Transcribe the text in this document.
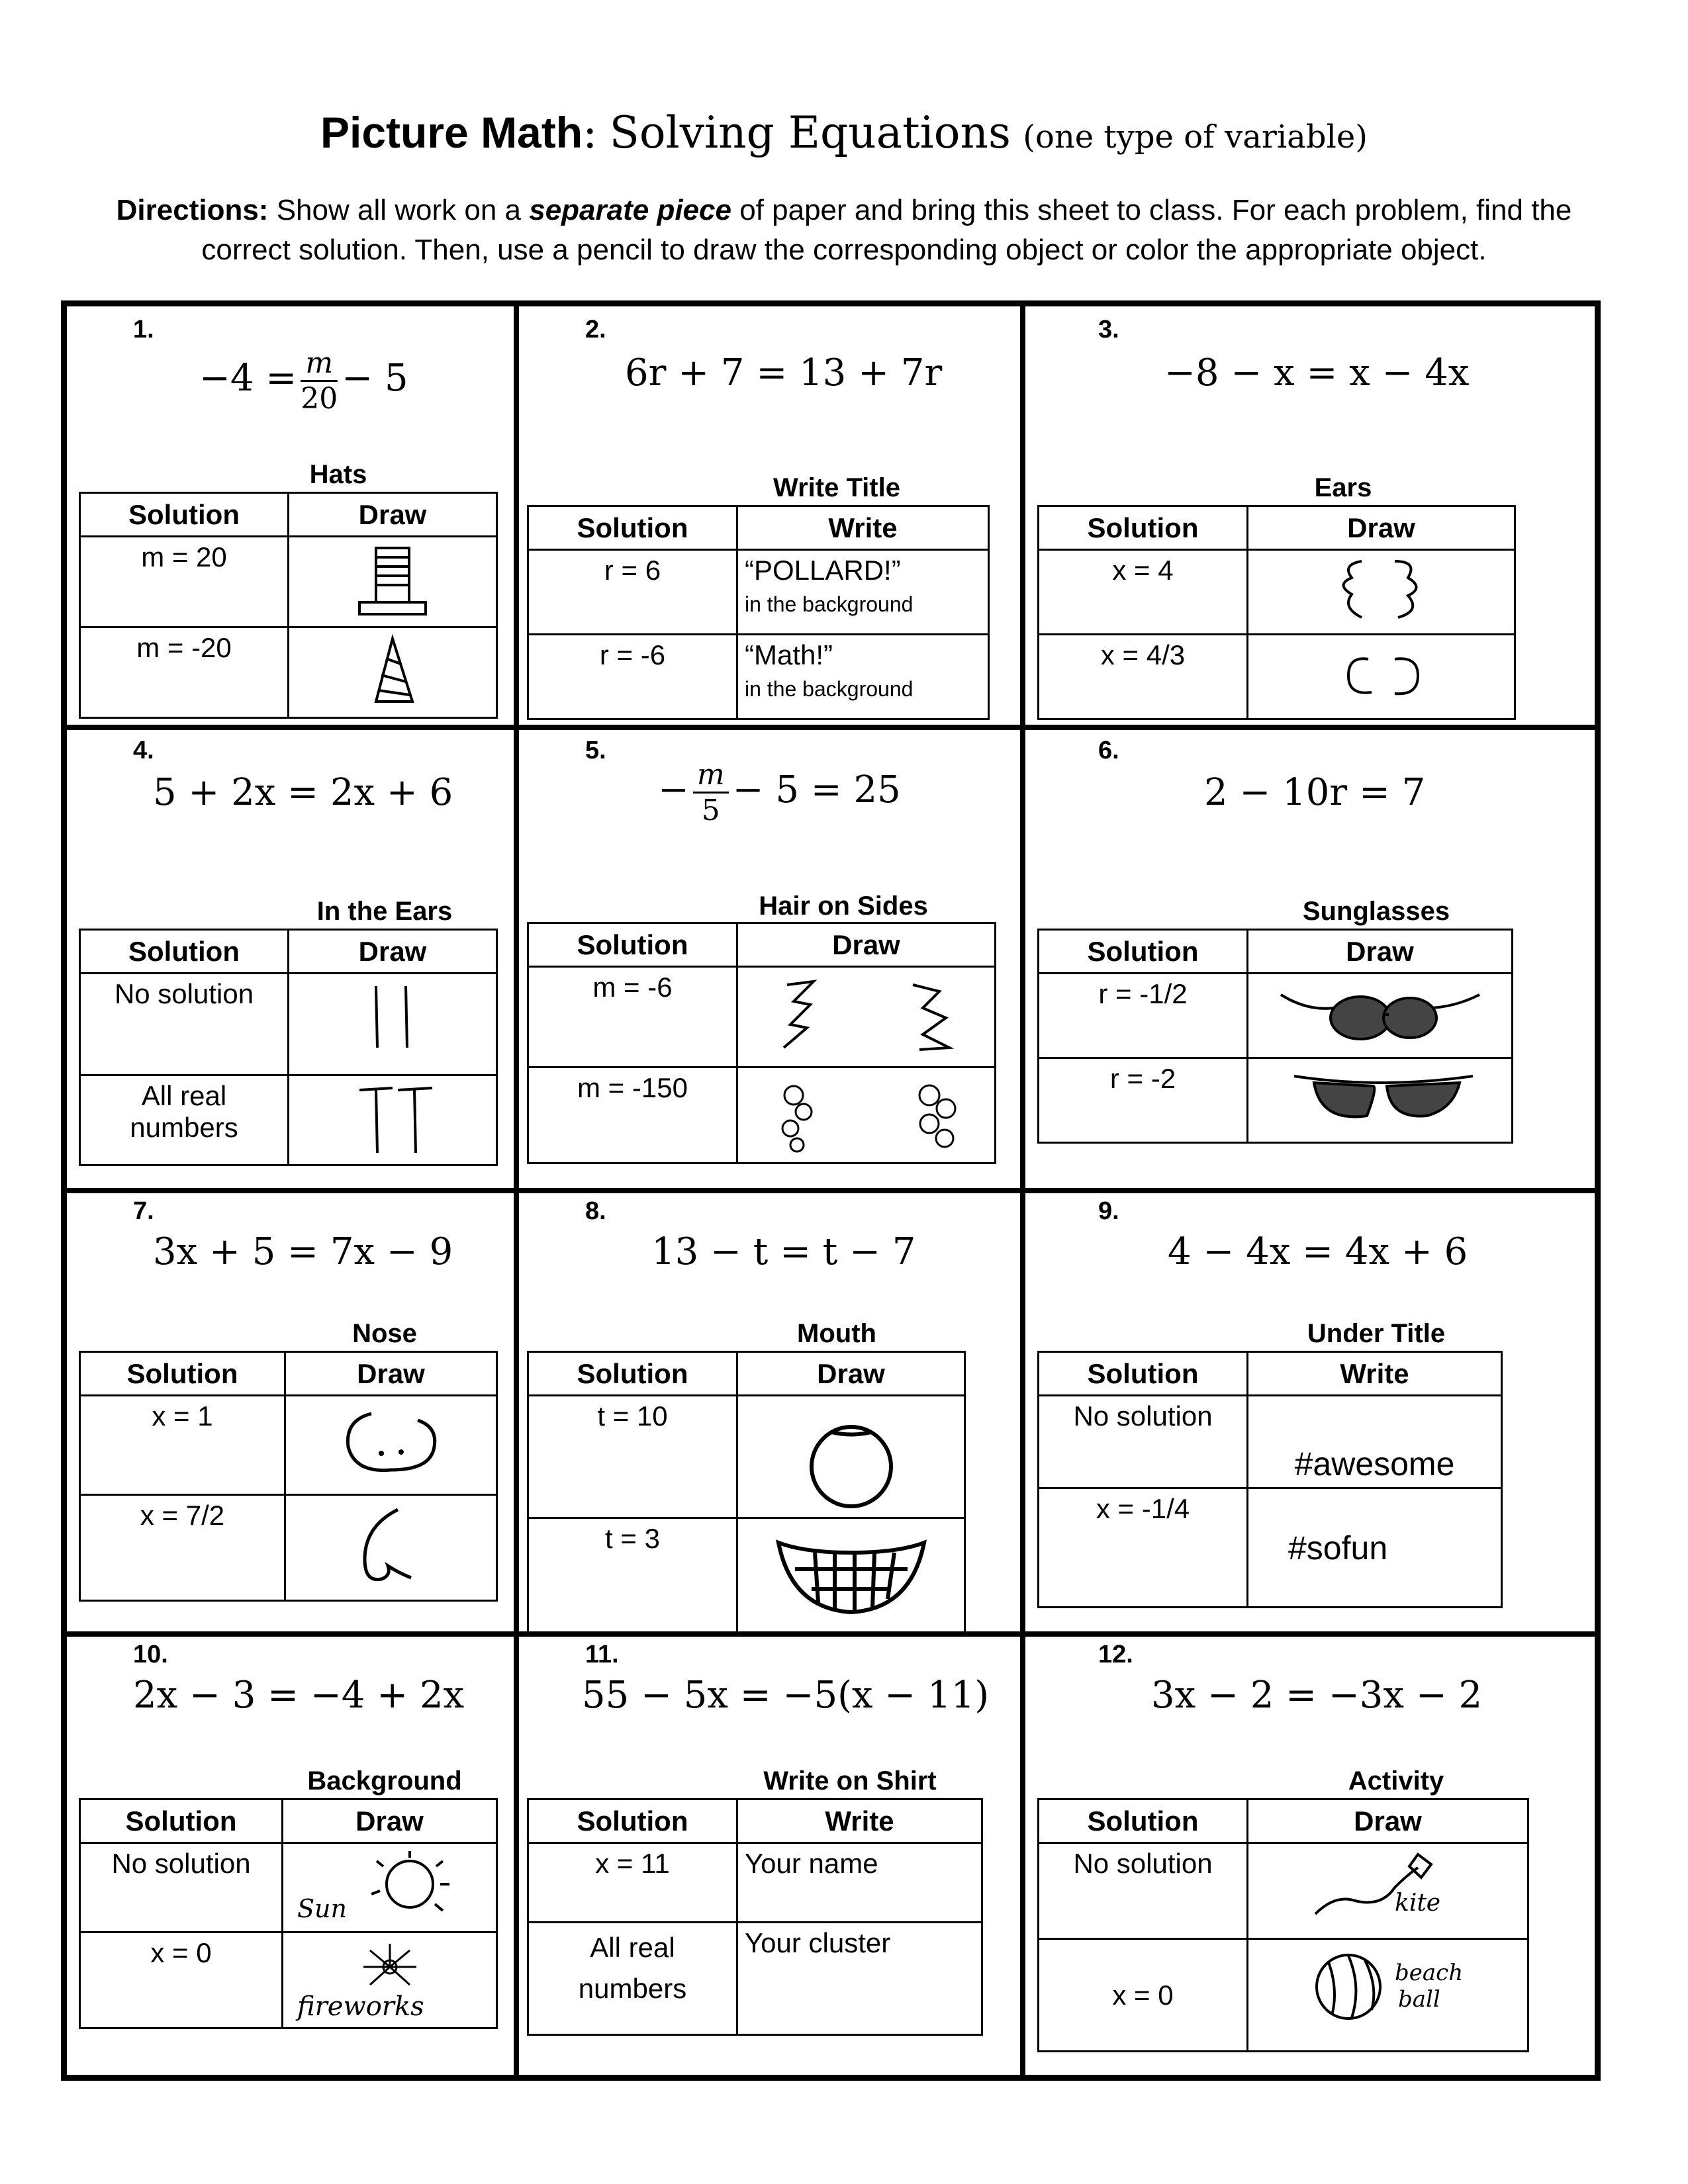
Picture Math: Solving Equations (one type of variable)
Directions: Show all work on a separate piece of paper and bring this sheet to class. For each problem, find the correct solution. Then, use a pencil to draw the corresponding object or color the appropriate object.
1.
$-4 = \frac{m}{20} - 5$
Hats
Solution	Draw
m = 20	

m = -20	
2.
6r + 7 = 13 + 7r
Write Title
Solution	Write
r = 6	“POLLARD!”
in the background
r = -6	“Math!”
in the background
3.
−8 − x = x − 4x
Ears
Solution	Draw
x = 4	

x = 4/3	
4.
5 + 2x = 2x + 6
In the Ears
Solution	Draw
No solution	

All real numbers	
5.
− $\frac{m}{5} - 5 = 25$
Hair on Sides
Solution	Draw
m = -6	

m = -150	
6.
2 − 10r = 7
Sunglasses
Solution	Draw
r = -1/2	

r = -2	
7.
3x + 5 = 7x − 9
Nose
Solution	Draw
x = 1	

x = 7/2	
8.
13 − t = t − 7
Mouth
Solution	Draw
t = 10	

t = 3	
9.
4 − 4x = 4x + 6
Under Title
Solution	Write
No solution	#awesome
x = -1/4	#sofun
10.
2x − 3 = −4 + 2x
Background
Solution	Draw
No solution	Sun

x = 0	fireworks
11.
55 − 5x = −5(x − 11)
Write on Shirt
Solution	Write
x = 11	Your name
All real numbers	Your cluster
12.
3x − 2 = −3x − 2
Activity
Solution	Draw
No solution	kite

x = 0	beach
ball
